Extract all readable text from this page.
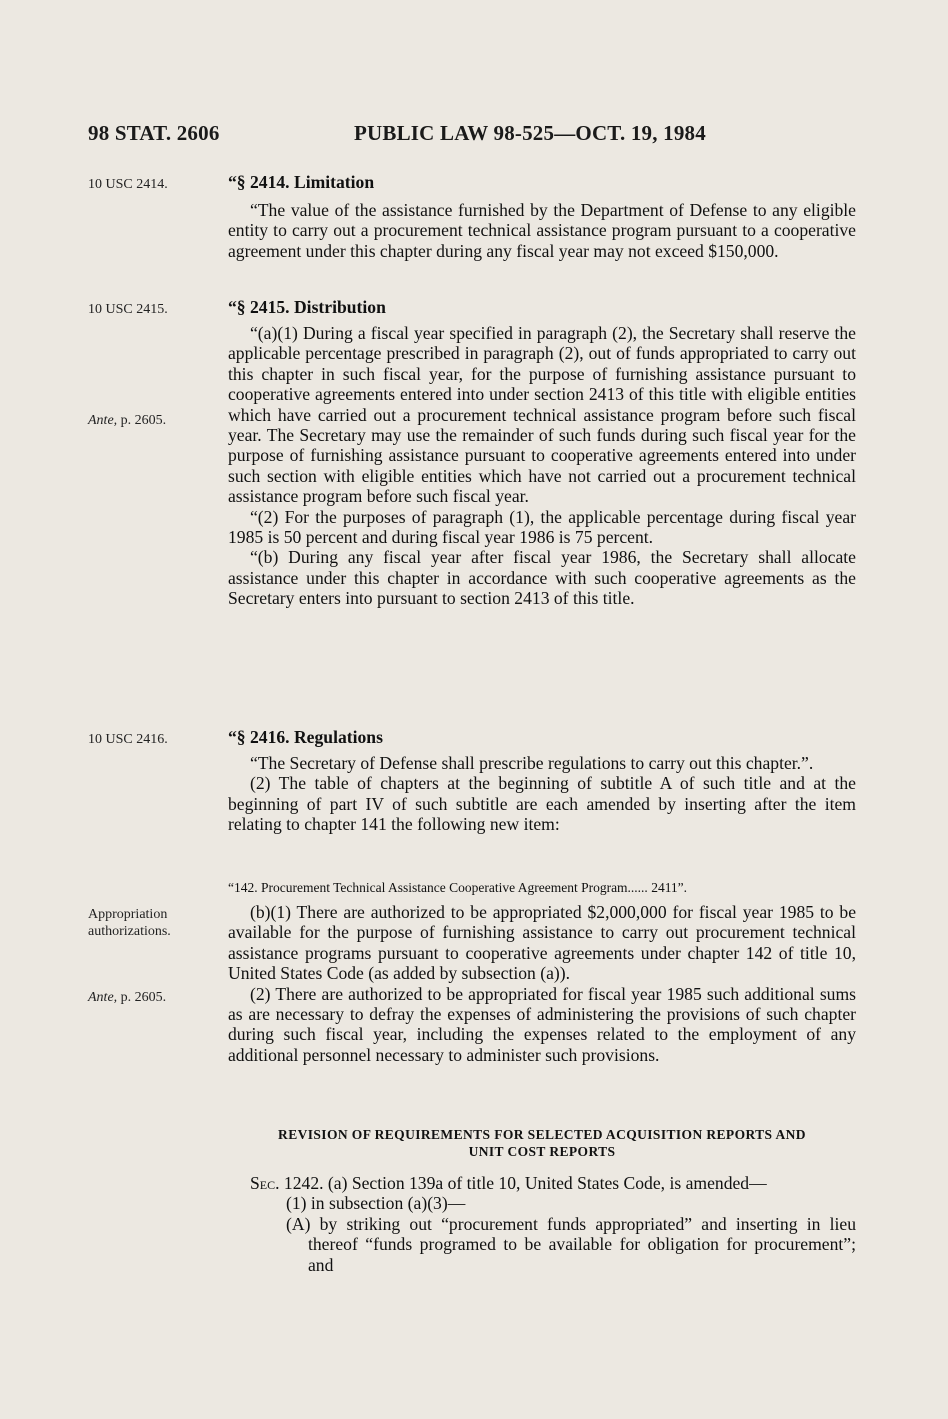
98 STAT. 2606	PUBLIC LAW 98-525—OCT. 19, 1984
10 USC 2414.
10 USC 2415.
Ante, p. 2605.
10 USC 2416.
Appropriation
authorizations.
Ante, p. 2605.
“§ 2414. Limitation

“The value of the assistance furnished by the Department of Defense to any eligible entity to carry out a procurement technical assistance program pursuant to a cooperative agreement under this chapter during any fiscal year may not exceed $150,000.

“§ 2415. Distribution

“(a)(1) During a fiscal year specified in paragraph (2), the Secretary shall reserve the applicable percentage prescribed in paragraph (2), out of funds appropriated to carry out this chapter in such fiscal year, for the purpose of furnishing assistance pursuant to cooperative agreements entered into under section 2413 of this title with eligible entities which have carried out a procurement technical assistance program before such fiscal year. The Secretary may use the remainder of such funds during such fiscal year for the purpose of furnishing assistance pursuant to cooperative agreements entered into under such section with eligible entities which have not carried out a procurement technical assistance program before such fiscal year.

“(2) For the purposes of paragraph (1), the applicable percentage during fiscal year 1985 is 50 percent and during fiscal year 1986 is 75 percent.

“(b) During any fiscal year after fiscal year 1986, the Secretary shall allocate assistance under this chapter in accordance with such cooperative agreements as the Secretary enters into pursuant to section 2413 of this title.

“§ 2416. Regulations

“The Secretary of Defense shall prescribe regulations to carry out this chapter.”.

(2) The table of chapters at the beginning of subtitle A of such title and at the beginning of part IV of such subtitle are each amended by inserting after the item relating to chapter 141 the following new item:

“142. Procurement Technical Assistance Cooperative Agreement Program...... 2411”.

(b)(1) There are authorized to be appropriated $2,000,000 for fiscal year 1985 to be available for the purpose of furnishing assistance to carry out procurement technical assistance programs pursuant to cooperative agreements under chapter 142 of title 10, United States Code (as added by subsection (a)).

(2) There are authorized to be appropriated for fiscal year 1985 such additional sums as are necessary to defray the expenses of administering the provisions of such chapter during such fiscal year, including the expenses related to the employment of any additional personnel necessary to administer such provisions.

REVISION OF REQUIREMENTS FOR SELECTED ACQUISITION REPORTS AND
UNIT COST REPORTS

Sec. 1242. (a) Section 139a of title 10, United States Code, is amended—

(1) in subsection (a)(3)—

(A) by striking out “procurement funds appropriated” and inserting in lieu thereof “funds programed to be available for obligation for procurement”; and
